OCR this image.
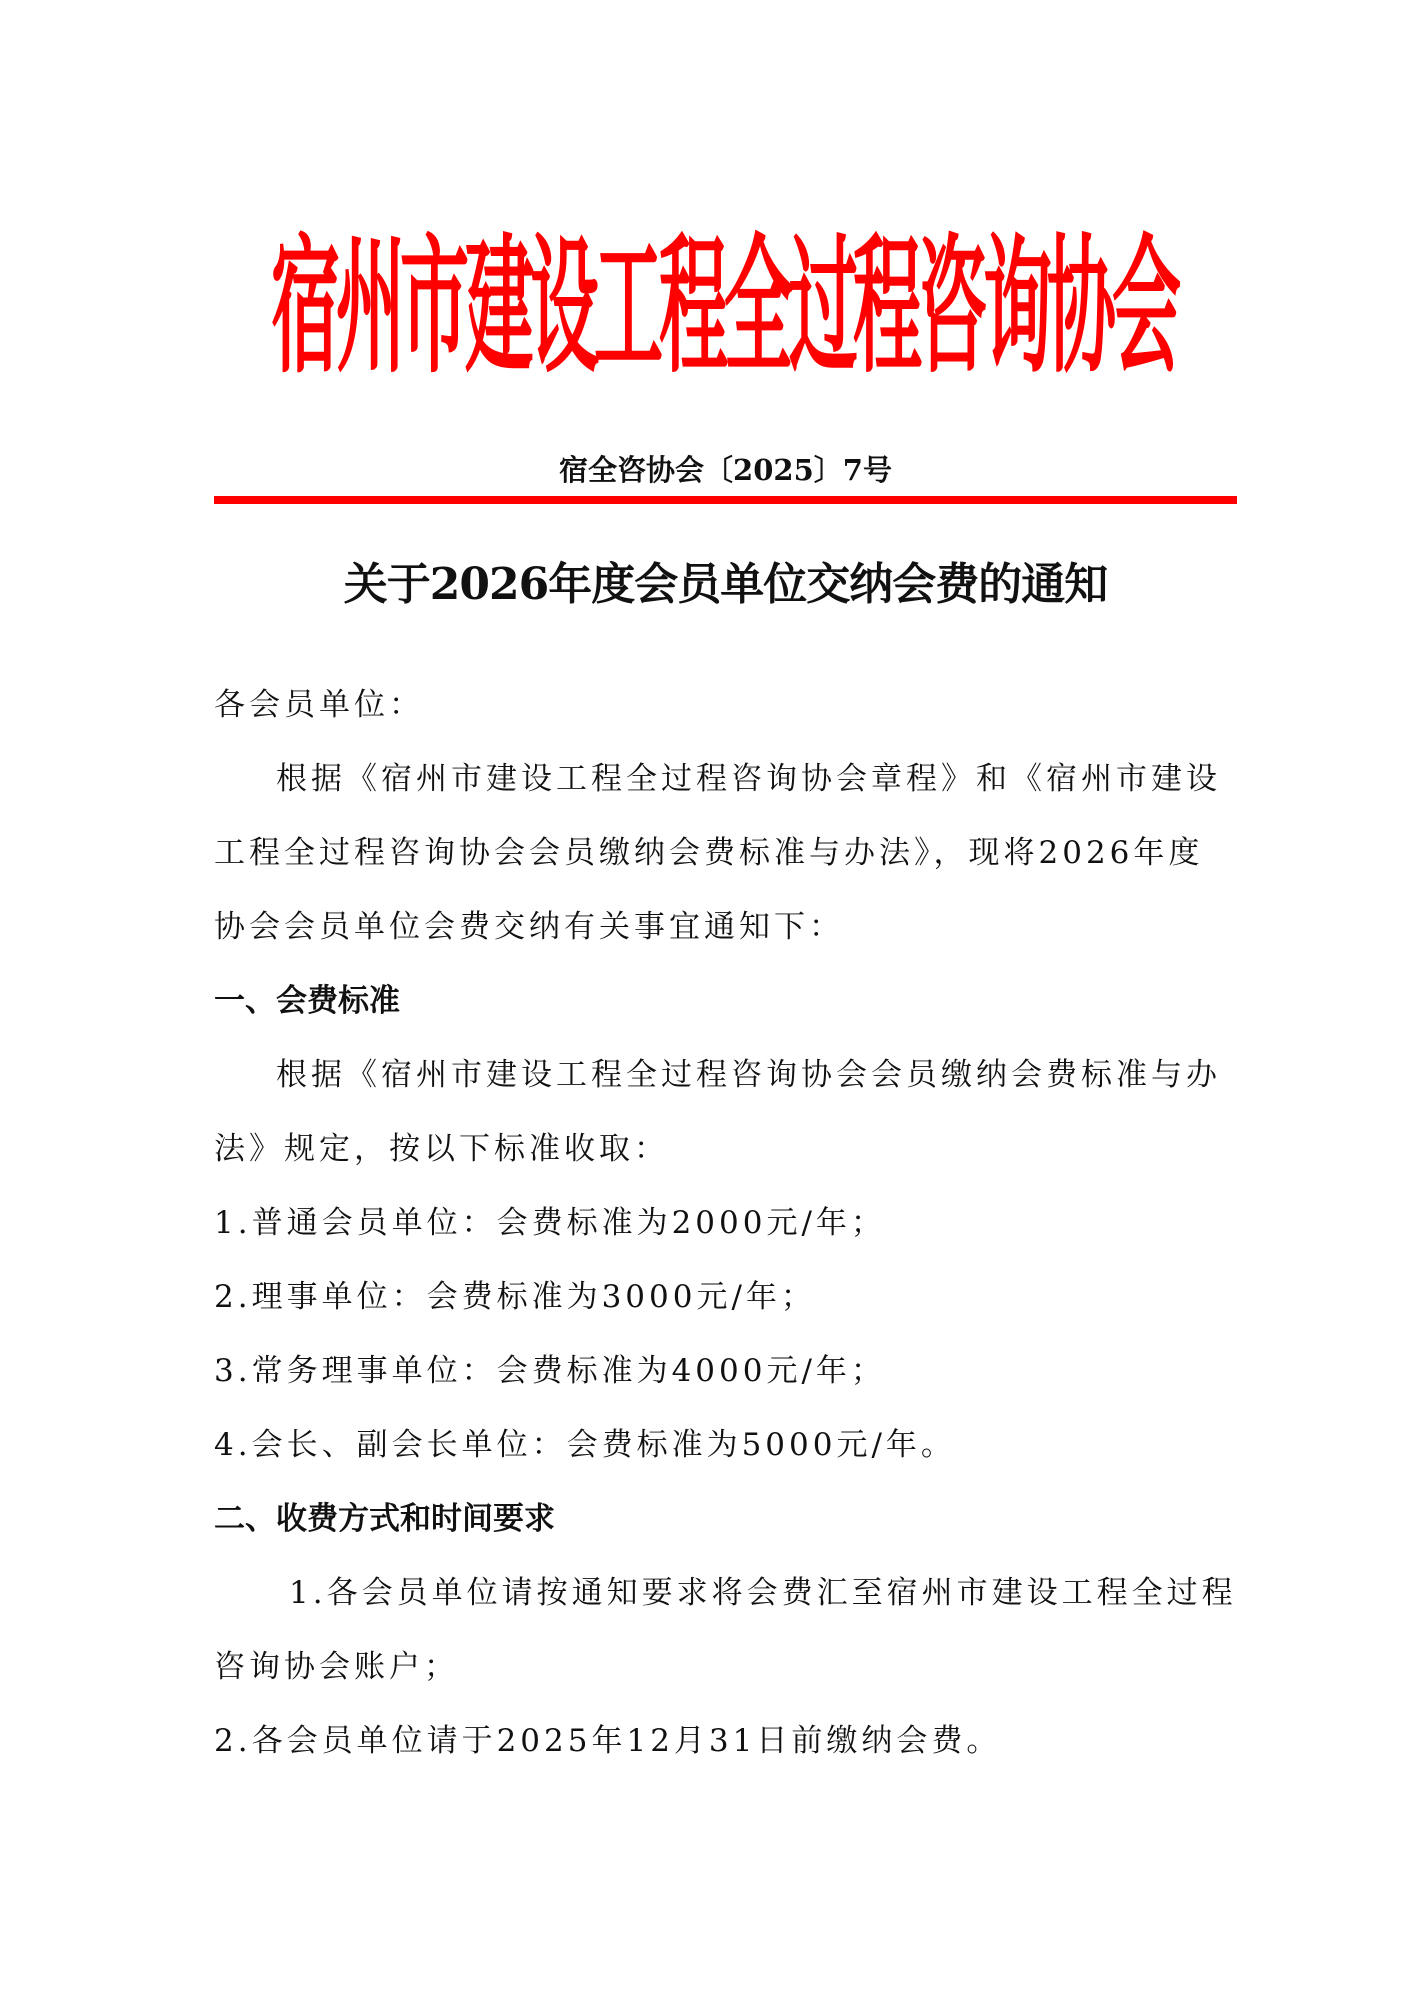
宿
州
市
建
设
工
程
全
过
程
咨
询
协
会
宿全咨协会〔2025〕7号
关于2026年度会员单位交纳会费的通知

各会员单位：

根据《宿州市建设工程全过程咨询协会章程》和《宿州市建设工程全过程咨询协会会员缴纳会费标准与办法》，现将2026年度协会会员单位会费交纳有关事宜通知下：

一、会费标准

根据《宿州市建设工程全过程咨询协会会员缴纳会费标准与办法》规定，按以下标准收取：

1.普通会员单位：会费标准为2000元/年；

2.理事单位：会费标准为3000元/年；

3.常务理事单位：会费标准为4000元/年；

4.会长、副会长单位：会费标准为5000元/年。

二、收费方式和时间要求

1.各会员单位请按通知要求将会费汇至宿州市建设工程全过程咨询协会账户；

2.各会员单位请于2025年12月31日前缴纳会费。
